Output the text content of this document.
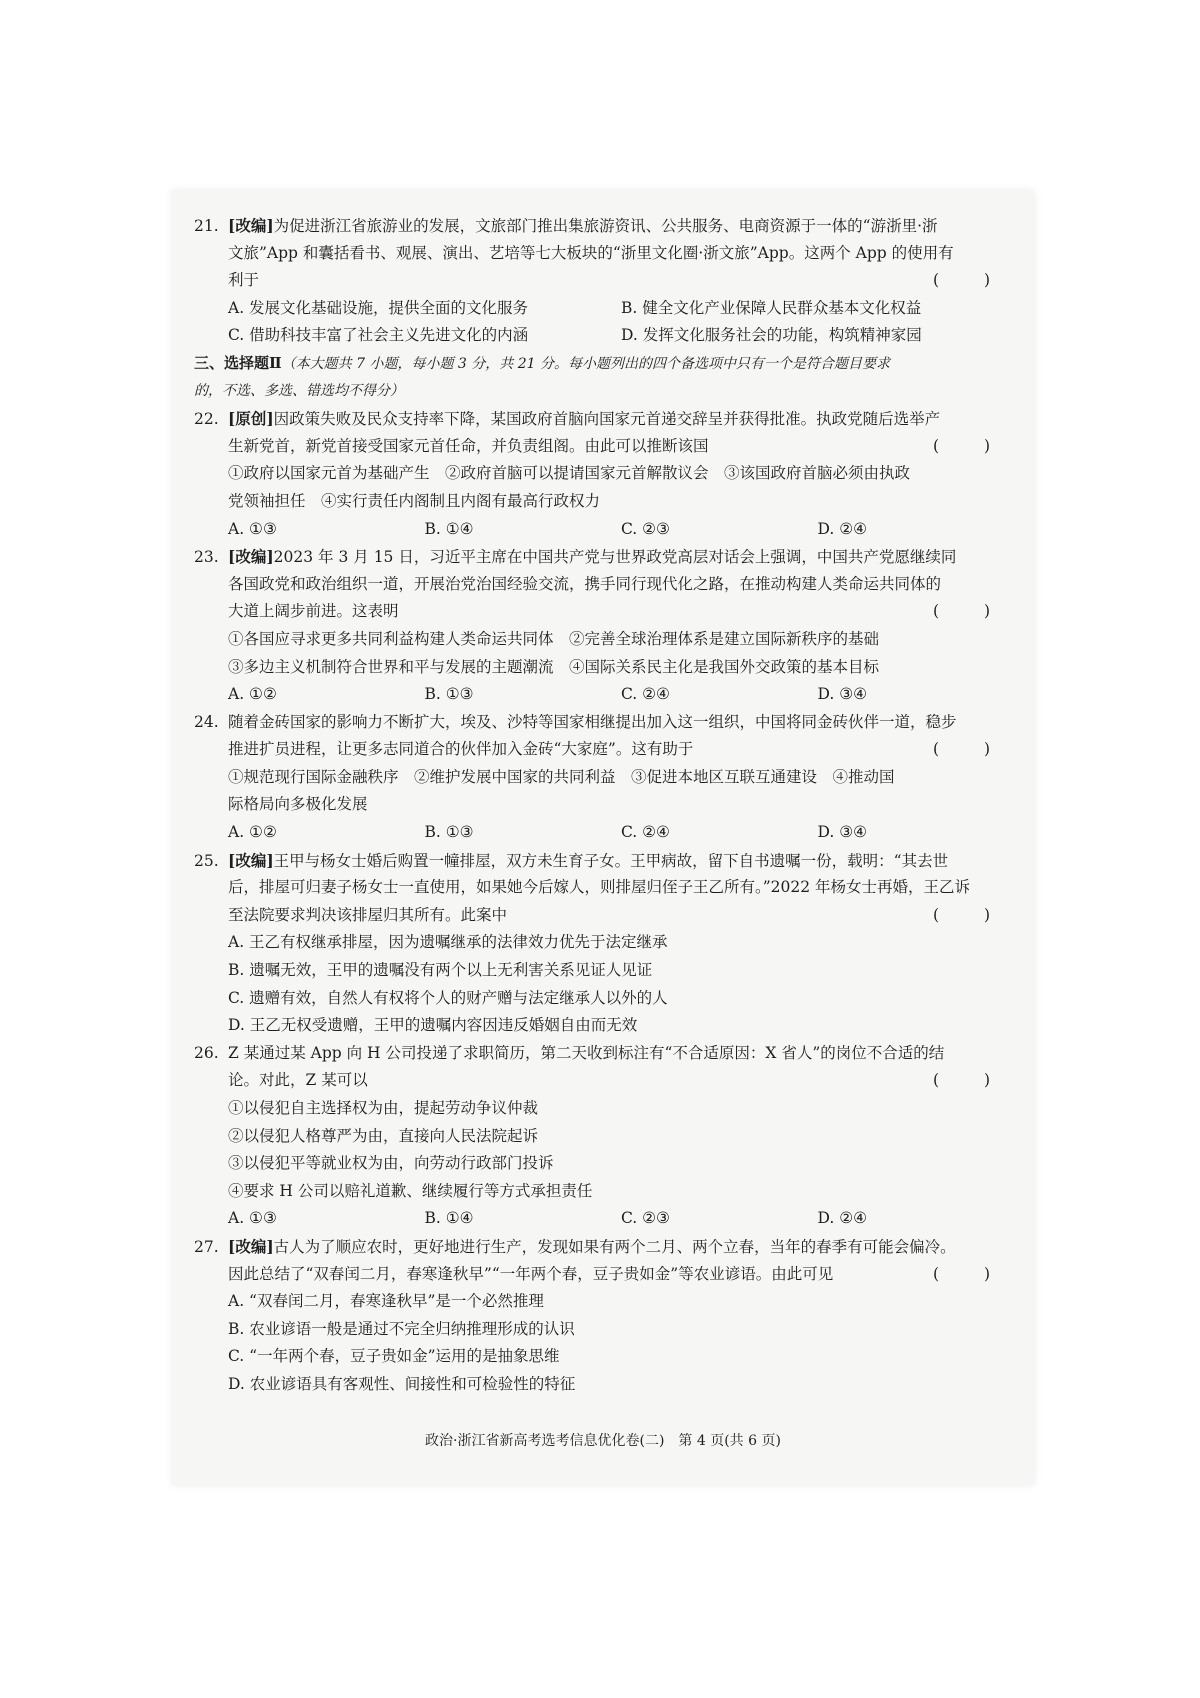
21. [改编]为促进浙江省旅游业的发展，文旅部门推出集旅游资讯、公共服务、电商资源于一体的“游浙里·浙
文旅”App 和囊括看书、观展、演出、艺培等七大板块的“浙里文化圈·浙文旅”App。这两个 App 的使用有
利于	( )
A. 发展文化基础设施，提供全面的文化服务	B. 健全文化产业保障人民群众基本文化权益
C. 借助科技丰富了社会主义先进文化的内涵	D. 发挥文化服务社会的功能，构筑精神家园
三、选择题Ⅱ（本大题共 7 小题，每小题 3 分，共 21 分。每小题列出的四个备选项中只有一个是符合题目要求
的，不选、多选、错选均不得分）
22. [原创]因政策失败及民众支持率下降，某国政府首脑向国家元首递交辞呈并获得批准。执政党随后选举产
生新党首，新党首接受国家元首任命，并负责组阁。由此可以推断该国	( )
①政府以国家元首为基础产生　②政府首脑可以提请国家元首解散议会　③该国政府首脑必须由执政
党领袖担任　④实行责任内阁制且内阁有最高行政权力
A. ①③	B. ①④	C. ②③	D. ②④
23. [改编]2023 年 3 月 15 日，习近平主席在中国共产党与世界政党高层对话会上强调，中国共产党愿继续同
各国政党和政治组织一道，开展治党治国经验交流，携手同行现代化之路，在推动构建人类命运共同体的
大道上阔步前进。这表明	( )
①各国应寻求更多共同利益构建人类命运共同体　②完善全球治理体系是建立国际新秩序的基础
③多边主义机制符合世界和平与发展的主题潮流　④国际关系民主化是我国外交政策的基本目标
A. ①②	B. ①③	C. ②④	D. ③④
24. 随着金砖国家的影响力不断扩大，埃及、沙特等国家相继提出加入这一组织，中国将同金砖伙伴一道，稳步
推进扩员进程，让更多志同道合的伙伴加入金砖“大家庭”。这有助于	( )
①规范现行国际金融秩序　②维护发展中国家的共同利益　③促进本地区互联互通建设　④推动国
际格局向多极化发展
A. ①②	B. ①③	C. ②④	D. ③④
25. [改编]王甲与杨女士婚后购置一幢排屋，双方未生育子女。王甲病故，留下自书遗嘱一份，载明：“其去世
后，排屋可归妻子杨女士一直使用，如果她今后嫁人，则排屋归侄子王乙所有。”2022 年杨女士再婚，王乙诉
至法院要求判决该排屋归其所有。此案中	( )
A. 王乙有权继承排屋，因为遗嘱继承的法律效力优先于法定继承
B. 遗嘱无效，王甲的遗嘱没有两个以上无利害关系见证人见证
C. 遗赠有效，自然人有权将个人的财产赠与法定继承人以外的人
D. 王乙无权受遗赠，王甲的遗嘱内容因违反婚姻自由而无效
26. Z 某通过某 App 向 H 公司投递了求职简历，第二天收到标注有“不合适原因：X 省人”的岗位不合适的结
论。对此，Z 某可以	( )
①以侵犯自主选择权为由，提起劳动争议仲裁
②以侵犯人格尊严为由，直接向人民法院起诉
③以侵犯平等就业权为由，向劳动行政部门投诉
④要求 H 公司以赔礼道歉、继续履行等方式承担责任
A. ①③	B. ①④	C. ②③	D. ②④
27. [改编]古人为了顺应农时，更好地进行生产，发现如果有两个二月、两个立春，当年的春季有可能会偏冷。
因此总结了“双春闰二月，春寒逢秋早”“一年两个春，豆子贵如金”等农业谚语。由此可见	( )
A. “双春闰二月，春寒逢秋早”是一个必然推理
B. 农业谚语一般是通过不完全归纳推理形成的认识
C. “一年两个春，豆子贵如金”运用的是抽象思维
D. 农业谚语具有客观性、间接性和可检验性的特征
政治·浙江省新高考选考信息优化卷(二)　第 4 页(共 6 页)
